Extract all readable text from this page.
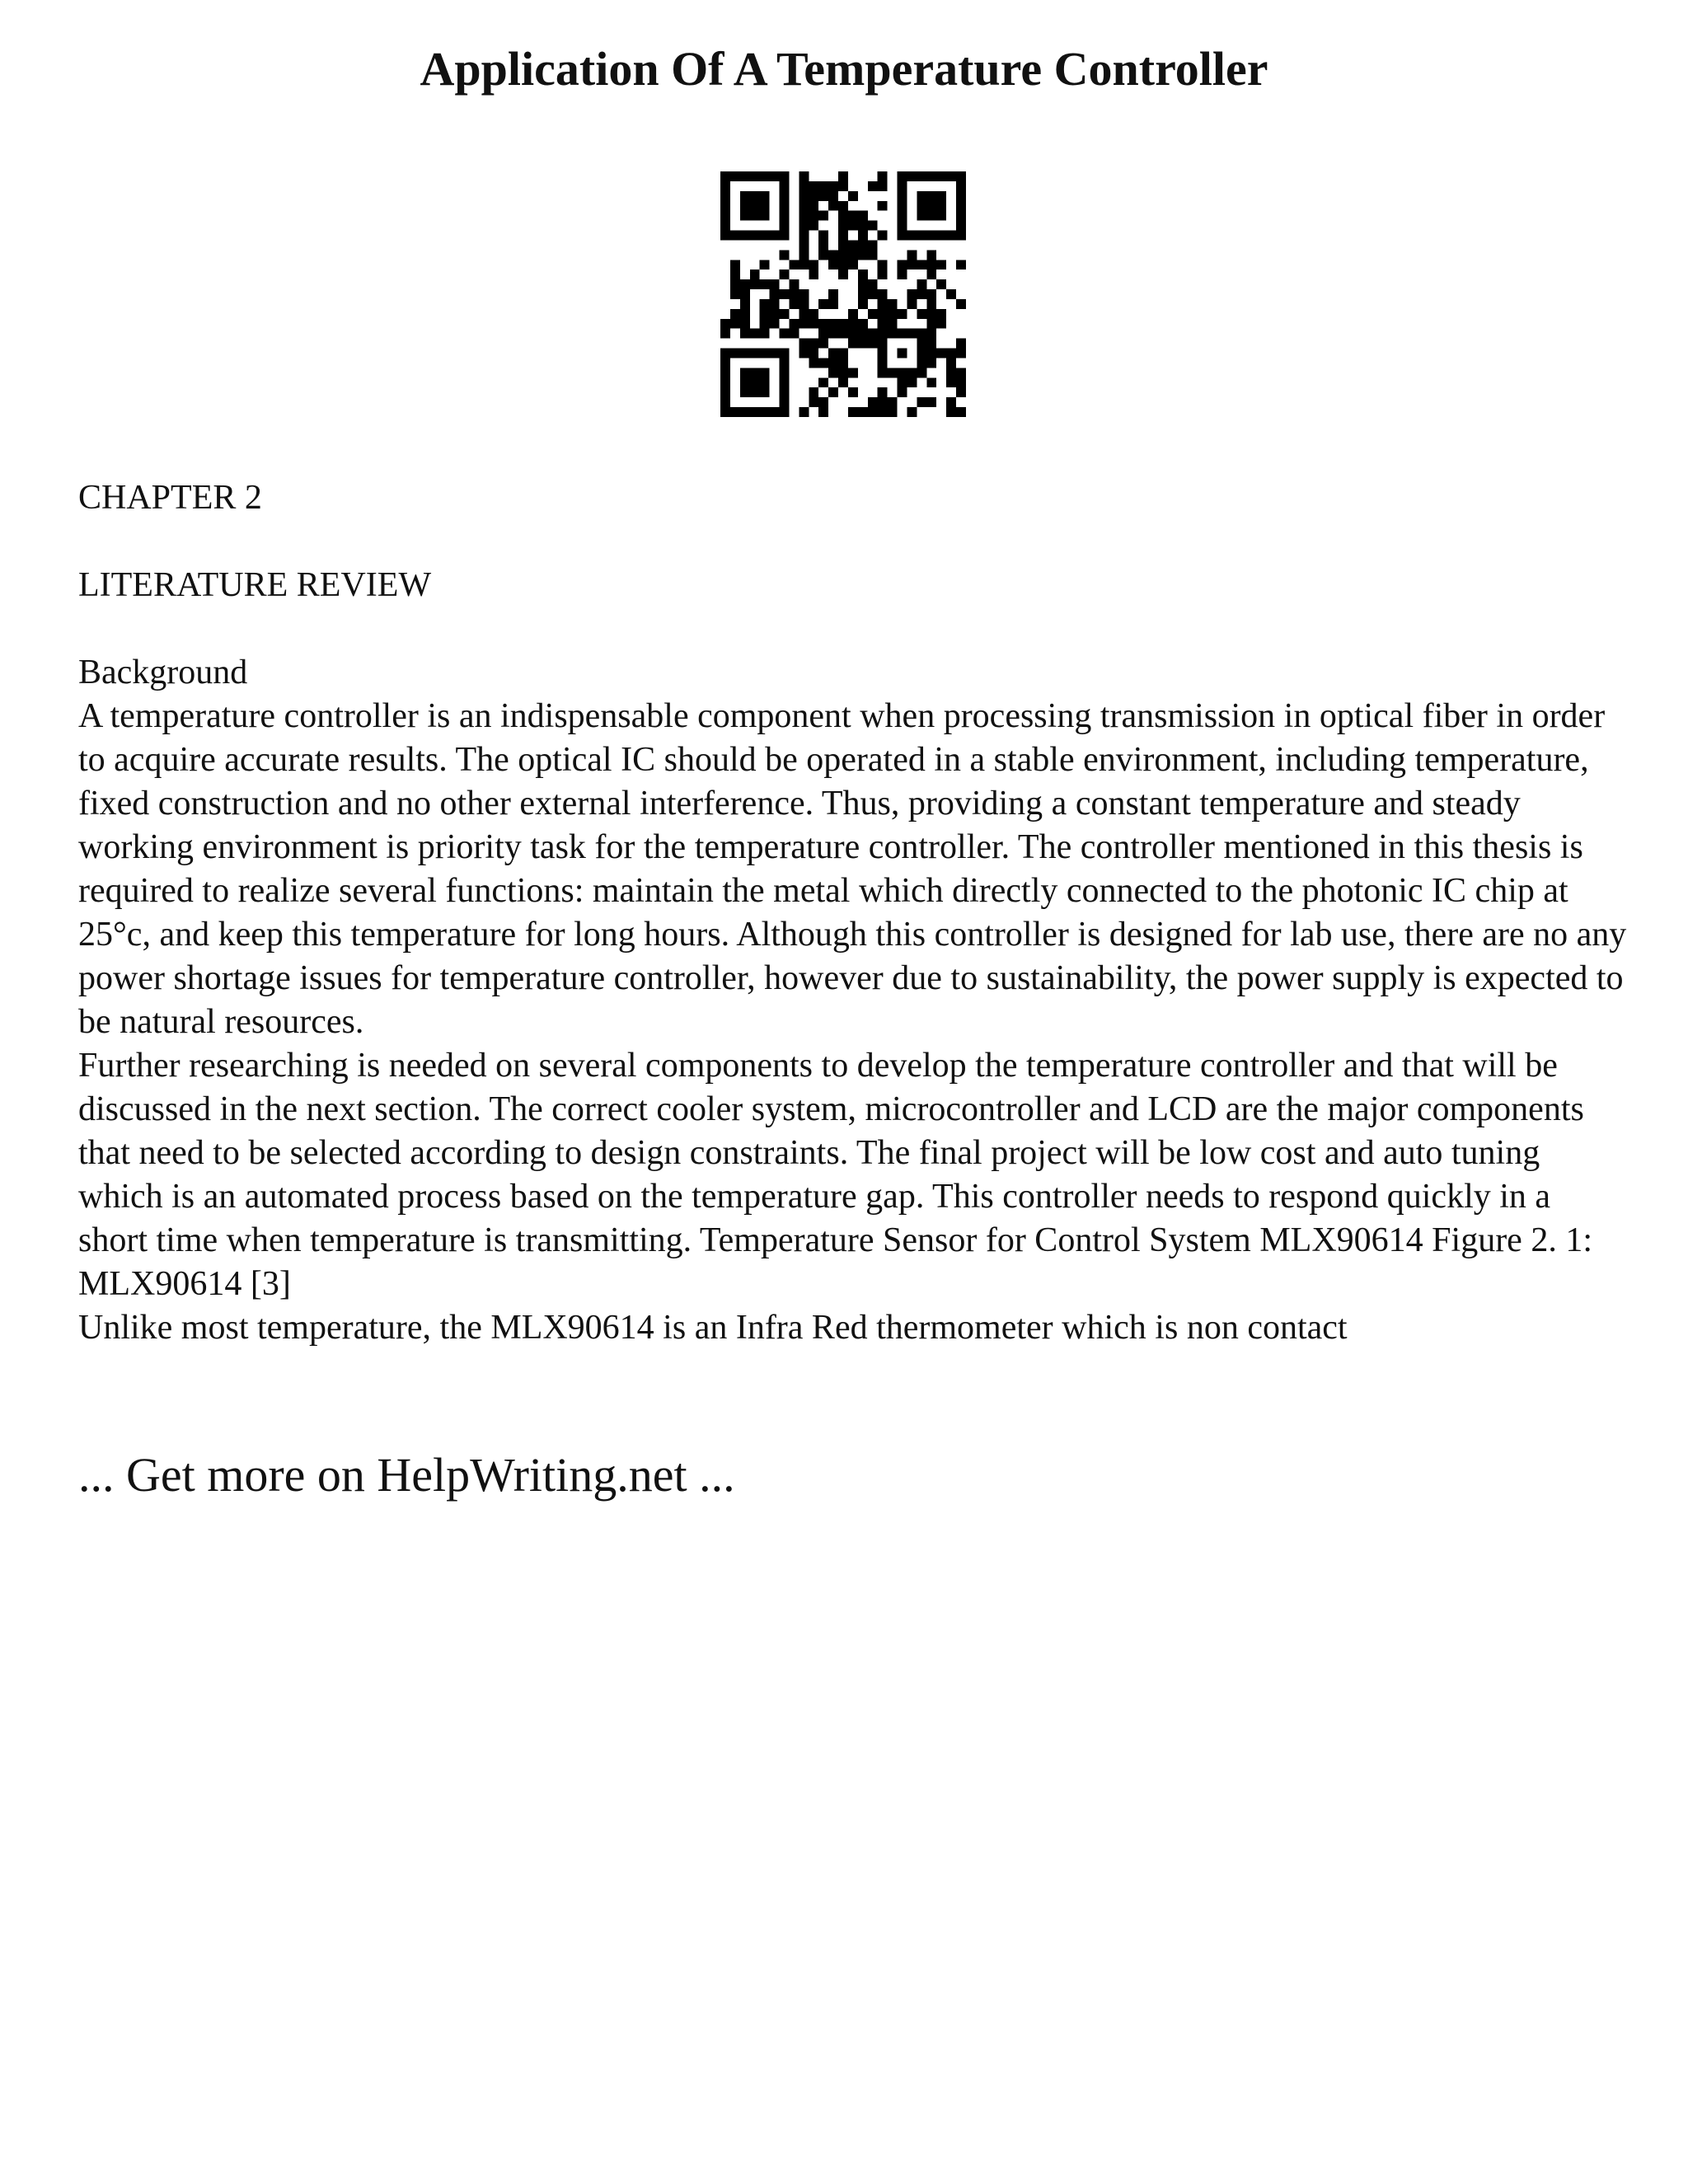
Application Of A Temperature Controller

CHAPTER 2

LITERATURE REVIEW

Background

A temperature controller is an indispensable component when processing transmission in optical fiber in order to acquire accurate results. The optical IC should be operated in a stable environment, including temperature, fixed construction and no other external interference. Thus, providing a constant temperature and steady working environment is priority task for the temperature controller. The controller mentioned in this thesis is required to realize several functions: maintain the metal which directly connected to the photonic IC chip at 25°c, and keep this temperature for long hours. Although this controller is designed for lab use, there are no any power shortage issues for temperature controller, however due to sustainability, the power supply is expected to be natural resources.

Further researching is needed on several components to develop the temperature controller and that will be discussed in the next section. The correct cooler system, microcontroller and LCD are the major components that need to be selected according to design constraints. The final project will be low cost and auto tuning which is an automated process based on the temperature gap. This controller needs to respond quickly in a short time when temperature is transmitting. Temperature Sensor for Control System MLX90614 Figure 2. 1: MLX90614 [3]

Unlike most temperature, the MLX90614 is an Infra Red thermometer which is non contact

... Get more on HelpWriting.net ...
